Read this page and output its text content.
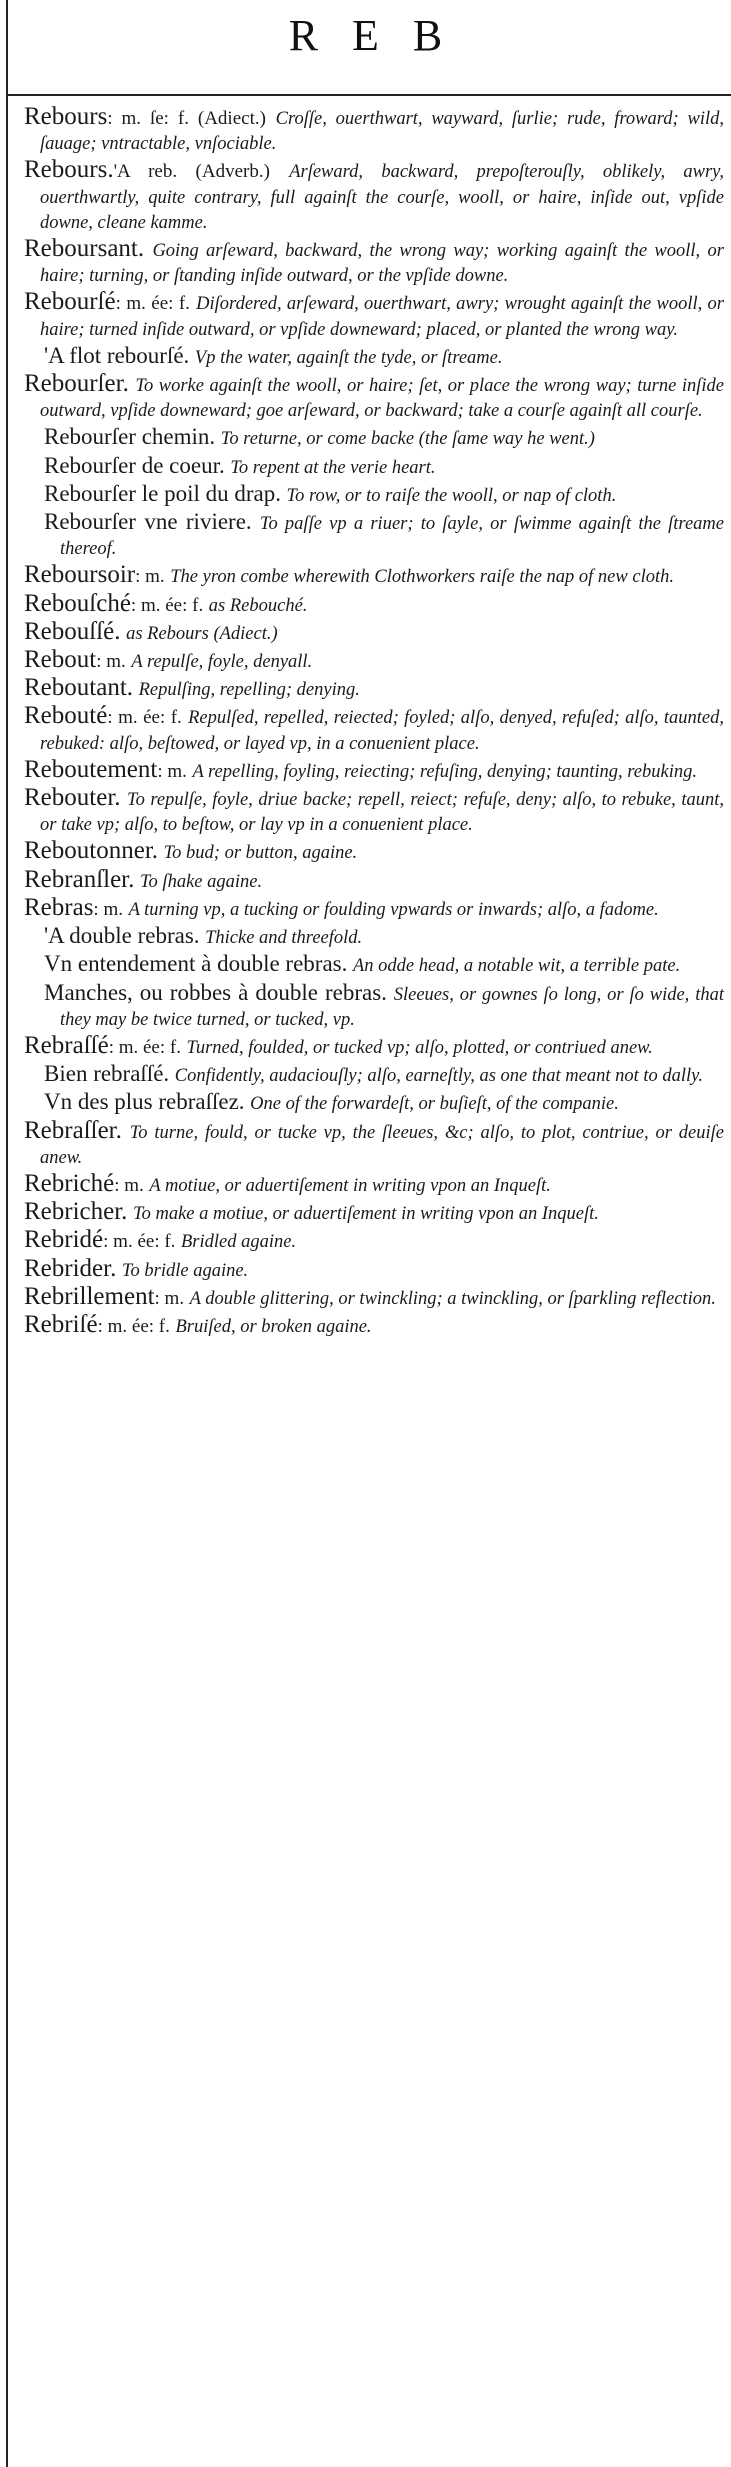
REB

Rebours: m. ſe: f. (Adiect.) Croſſe, ouerthwart, wayward, ſurlie; rude, froward; wild, ſauage; vntractable, vnſociable.

Rebours.'A reb. (Adverb.) Arſeward, backward, prepoſterouſly, oblikely, awry, ouerthwartly, quite contrary, full againſt the courſe, wooll, or haire, inſide out, vpſide downe, cleane kamme.

Reboursant. Going arſeward, backward, the wrong way; working againſt the wooll, or haire; turning, or ſtanding inſide outward, or the vpſide downe.

Rebourſé: m. ée: f. Diſordered, arſeward, ouerthwart, awry; wrought againſt the wooll, or haire; turned inſide outward, or vpſide downeward; placed, or planted the wrong way.

'A flot rebourſé. Vp the water, againſt the tyde, or ſtreame.

Rebourſer. To worke againſt the wooll, or haire; ſet, or place the wrong way; turne inſide outward, vpſide downeward; goe arſeward, or backward; take a courſe againſt all courſe.

Rebourſer chemin. To returne, or come backe (the ſame way he went.)

Rebourſer de coeur. To repent at the verie heart.

Rebourſer le poil du drap. To row, or to raiſe the wooll, or nap of cloth.

Rebourſer vne riviere. To paſſe vp a riuer; to ſayle, or ſwimme againſt the ſtreame thereof.

Reboursoir: m. The yron combe wherewith Clothworkers raiſe the nap of new cloth.

Rebouſché: m. ée: f. as Rebouché.

Rebouſſé. as Rebours (Adiect.)

Rebout: m. A repulſe, foyle, denyall.

Reboutant. Repulſing, repelling; denying.

Rebouté: m. ée: f. Repulſed, repelled, reiected; foyled; alſo, denyed, refuſed; alſo, taunted, rebuked: alſo, beſtowed, or layed vp, in a conuenient place.

Reboutement: m. A repelling, foyling, reiecting; refuſing, denying; taunting, rebuking.

Rebouter. To repulſe, foyle, driue backe; repell, reiect; refuſe, deny; alſo, to rebuke, taunt, or take vp; alſo, to beſtow, or lay vp in a conuenient place.

Reboutonner. To bud; or button, againe.

Rebranſler. To ſhake againe.

Rebras: m. A turning vp, a tucking or foulding vpwards or inwards; alſo, a fadome.

'A double rebras. Thicke and threefold.

Vn entendement à double rebras. An odde head, a notable wit, a terrible pate.

Manches, ou robbes à double rebras. Sleeues, or gownes ſo long, or ſo wide, that they may be twice turned, or tucked, vp.

Rebraſſé: m. ée: f. Turned, foulded, or tucked vp; alſo, plotted, or contriued anew.

Bien rebraſſé. Confidently, audaciouſly; alſo, earneſtly, as one that meant not to dally.

Vn des plus rebraſſez. One of the forwardeſt, or buſieſt, of the companie.

Rebraſſer. To turne, fould, or tucke vp, the ſleeues, &c; alſo, to plot, contriue, or deuiſe anew.

Rebriché: m. A motiue, or aduertiſement in writing vpon an Inqueſt.

Rebricher. To make a motiue, or aduertiſement in writing vpon an Inqueſt.

Rebridé: m. ée: f. Bridled againe.

Rebrider. To bridle againe.

Rebrillement: m. A double glittering, or twinckling; a twinckling, or ſparkling reflection.

Rebriſé: m. ée: f. Bruiſed, or broken againe.
